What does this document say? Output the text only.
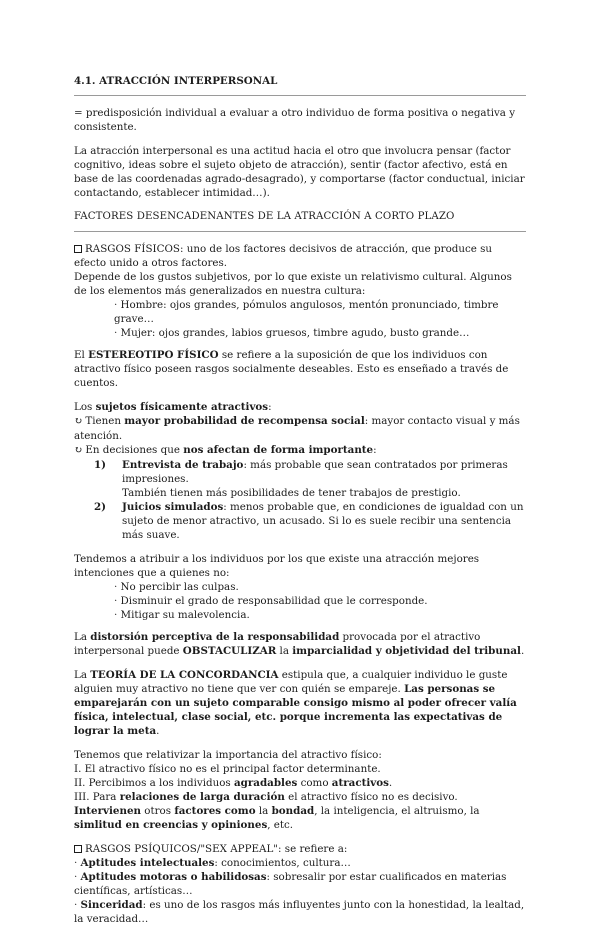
4.1. ATRACCIÓN INTERPERSONAL

= predisposición individual a evaluar a otro individuo de forma positiva o negativa y consistente.

La atracción interpersonal es una actitud hacia el otro que involucra pensar (factor cognitivo, ideas sobre el sujeto objeto de atracción), sentir (factor afectivo, está en base de las coordenadas agrado-desagrado), y comportarse (factor conductual, iniciar contactando, establecer intimidad…).

FACTORES DESENCADENANTES DE LA ATRACCIÓN A CORTO PLAZO

RASGOS FÍSICOS: uno de los factores decisivos de atracción, que produce su efecto unido a otros factores.

Depende de los gustos subjetivos, por lo que existe un relativismo cultural. Algunos de los elementos más generalizados en nuestra cultura:

· Hombre: ojos grandes, pómulos angulosos, mentón pronunciado, timbre grave…

· Mujer: ojos grandes, labios gruesos, timbre agudo, busto grande…

El ESTEREOTIPO FÍSICO se refiere a la suposición de que los individuos con atractivo físico poseen rasgos socialmente deseables. Esto es enseñado a través de cuentos.

Los sujetos físicamente atractivos:

↻ Tienen mayor probabilidad de recompensa social: mayor contacto visual y más atención.

↻ En decisiones que nos afectan de forma importante:

1)	Entrevista de trabajo: más probable que sean contratados por primeras impresiones.
También tienen más posibilidades de tener trabajos de prestigio.
2)	Juicios simulados: menos probable que, en condiciones de igualdad con un sujeto de menor atractivo, un acusado. Si lo es suele recibir una sentencia más suave.

Tendemos a atribuir a los individuos por los que existe una atracción mejores intenciones que a quienes no:

· No percibir las culpas.

· Disminuir el grado de responsabilidad que le corresponde.

· Mitigar su malevolencia.

La distorsión perceptiva de la responsabilidad provocada por el atractivo interpersonal puede OBSTACULIZAR la imparcialidad y objetividad del tribunal.

La TEORÍA DE LA CONCORDANCIA estipula que, a cualquier individuo le guste alguien muy atractivo no tiene que ver con quién se empareje. Las personas se emparejarán con un sujeto comparable consigo mismo al poder ofrecer valía física, intelectual, clase social, etc. porque incrementa las expectativas de lograr la meta.

Tenemos que relativizar la importancia del atractivo físico:

I. El atractivo físico no es el principal factor determinante.

II. Percibimos a los individuos agradables como atractivos.

III. Para relaciones de larga duración el atractivo físico no es decisivo. Intervienen otros factores como la bondad, la inteligencia, el altruismo, la simlitud en creencias y opiniones, etc.

RASGOS PSÍQUICOS/"SEX APPEAL": se refiere a:

· Aptitudes intelectuales: conocimientos, cultura…

· Aptitudes motoras o habilidosas: sobresalir por estar cualificados en materias científicas, artísticas…

· Sinceridad: es uno de los rasgos más influyentes junto con la honestidad, la lealtad, la veracidad…
